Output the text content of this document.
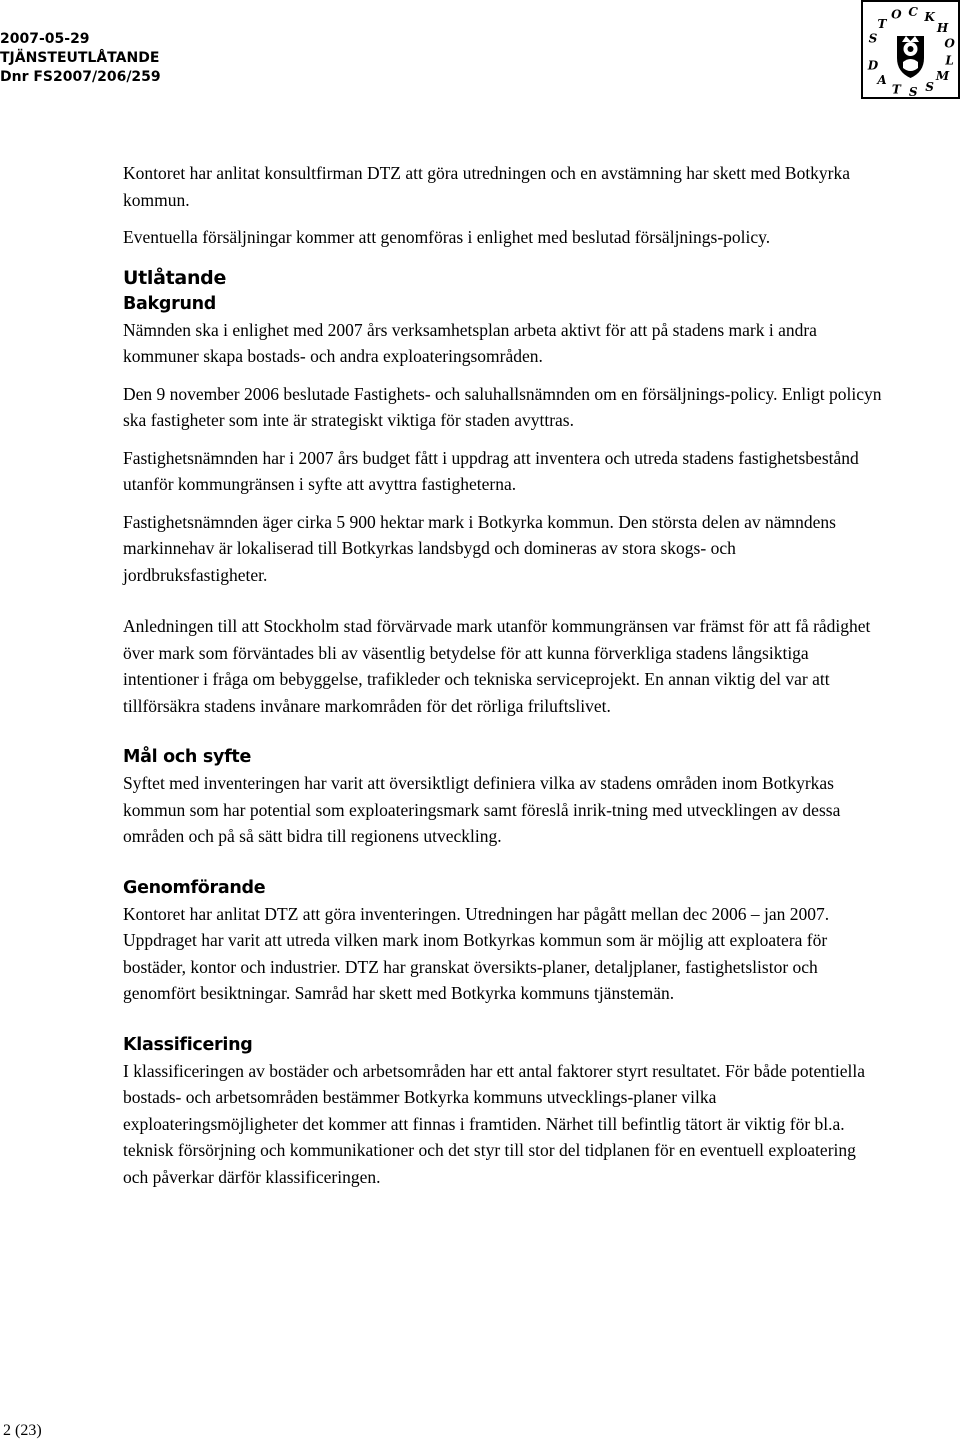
2007-05-29
TJÄNSTEUTLÅTANDE
Dnr FS2007/206/259
S
T
O C K
H
O
L
M
S
S
T
A
D

Kontoret har anlitat konsultfirman DTZ att göra utredningen och en avstämning har skett med Botkyrka kommun.

Eventuella försäljningar kommer att genomföras i enlighet med beslutad försäljnings-policy.

Utlåtande
Bakgrund

Nämnden ska i enlighet med 2007 års verksamhetsplan arbeta aktivt för att på stadens mark i andra kommuner skapa bostads- och andra exploateringsområden.

Den 9 november 2006 beslutade Fastighets- och saluhallsnämnden om en försäljnings-policy. Enligt policyn ska fastigheter som inte är strategiskt viktiga för staden avyttras.

Fastighetsnämnden har i 2007 års budget fått i uppdrag att inventera och utreda stadens fastighetsbestånd utanför kommungränsen i syfte att avyttra fastigheterna.

Fastighetsnämnden äger cirka 5 900 hektar mark i Botkyrka kommun. Den största delen av nämndens markinnehav är lokaliserad till Botkyrkas landsbygd och domineras av stora skogs- och jordbruksfastigheter.

Anledningen till att Stockholm stad förvärvade mark utanför kommungränsen var främst för att få rådighet över mark som förväntades bli av väsentlig betydelse för att kunna förverkliga stadens långsiktiga intentioner i fråga om bebyggelse, trafikleder och tekniska serviceprojekt. En annan viktig del var att tillförsäkra stadens invånare markområden för det rörliga friluftslivet.

Mål och syfte

Syftet med inventeringen har varit att översiktligt definiera vilka av stadens områden inom Botkyrkas kommun som har potential som exploateringsmark samt föreslå inrik-tning med utvecklingen av dessa områden och på så sätt bidra till regionens utveckling.

Genomförande

Kontoret har anlitat DTZ att göra inventeringen. Utredningen har pågått mellan dec 2006 – jan 2007. Uppdraget har varit att utreda vilken mark inom Botkyrkas kommun som är möjlig att exploatera för bostäder, kontor och industrier. DTZ har granskat översikts-planer, detaljplaner, fastighetslistor och genomfört besiktningar. Samråd har skett med Botkyrka kommuns tjänstemän.

Klassificering

I klassificeringen av bostäder och arbetsområden har ett antal faktorer styrt resultatet. För både potentiella bostads- och arbetsområden bestämmer Botkyrka kommuns utvecklings-planer vilka exploateringsmöjligheter det kommer att finnas i framtiden. Närhet till befintlig tätort är viktig för bl.a. teknisk försörjning och kommunikationer och det styr till stor del tidplanen för en eventuell exploatering och påverkar därför klassificeringen.

2 (23)
